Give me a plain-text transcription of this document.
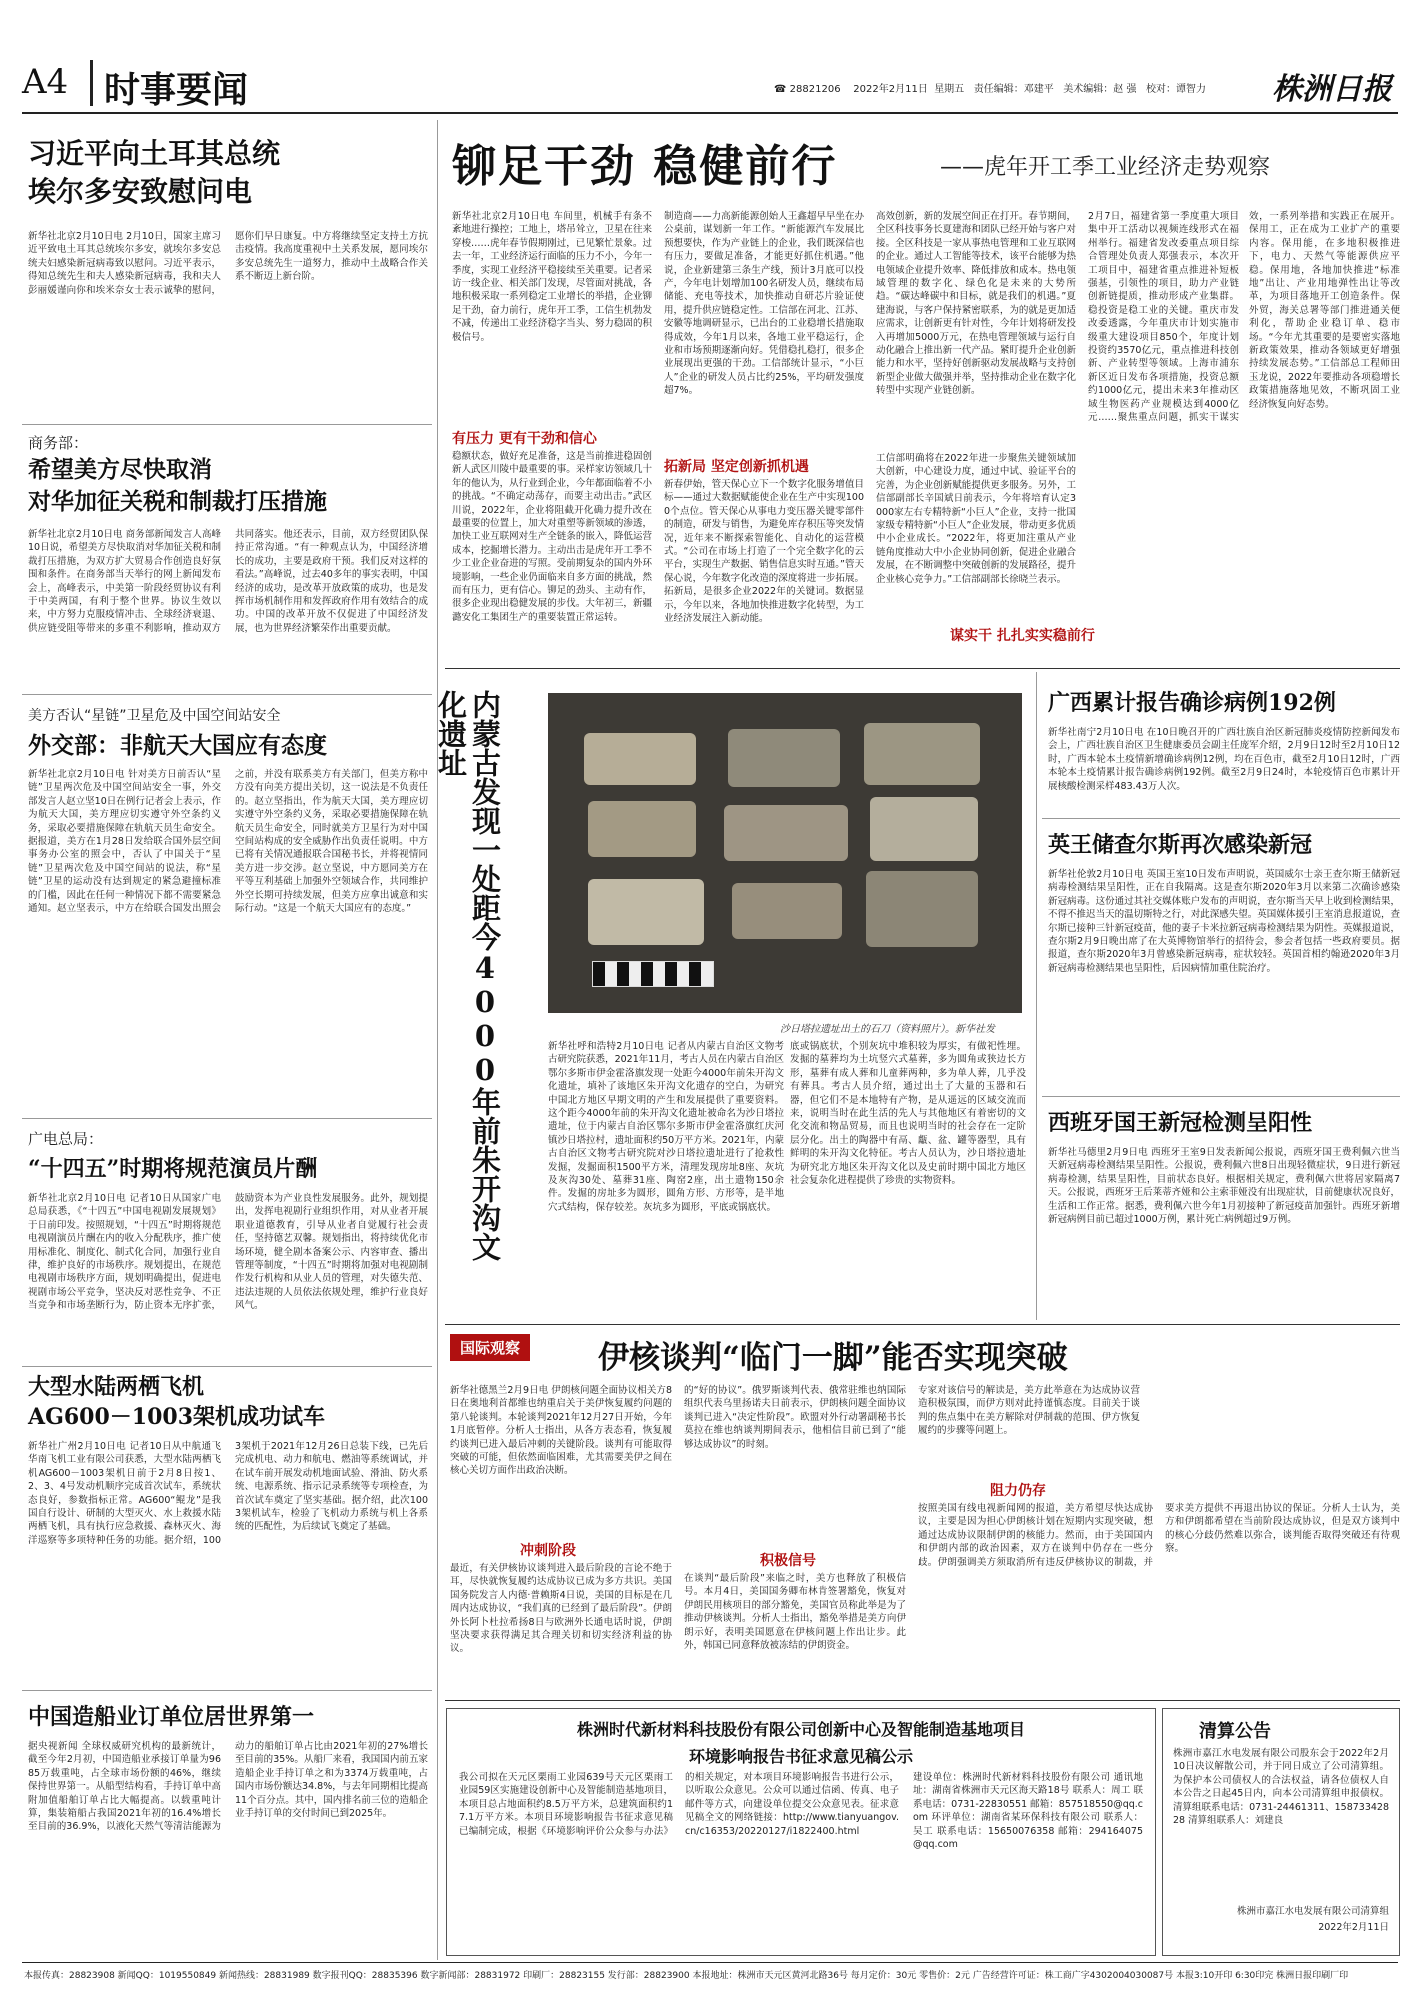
A4 时事要闻	☎ 28821206 2022年2月11日 星期五 责任编辑：邓建平 美术编辑：赵 强 校对：谭智力 株洲日报
习近平向土耳其总统
埃尔多安致慰问电
新华社北京2月10日电 2月10日，国家主席习近平致电土耳其总统埃尔多安，就埃尔多安总统夫妇感染新冠病毒致以慰问。习近平表示，得知总统先生和夫人感染新冠病毒，我和夫人彭丽媛谨向你和埃米奈女士表示诚挚的慰问，愿你们早日康复。中方将继续坚定支持土方抗击疫情。我高度重视中土关系发展，愿同埃尔多安总统先生一道努力，推动中土战略合作关系不断迈上新台阶。
商务部：
希望美方尽快取消
对华加征关税和制裁打压措施
新华社北京2月10日电 商务部新闻发言人高峰10日说，希望美方尽快取消对华加征关税和制裁打压措施，为双方扩大贸易合作创造良好氛围和条件。在商务部当天举行的网上新闻发布会上，高峰表示，中美第一阶段经贸协议有利于中美两国，有利于整个世界。协议生效以来，中方努力克服疫情冲击、全球经济衰退、供应链受阻等带来的多重不利影响，推动双方共同落实。他还表示，目前，双方经贸团队保持正常沟通。“有一种观点认为，中国经济增长的成功，主要是政府干预。我们反对这样的看法。”高峰说，过去40多年的事实表明，中国经济的成功，是改革开放政策的成功，也是发挥市场机制作用和发挥政府作用有效结合的成功。中国的改革开放不仅促进了中国经济发展，也为世界经济繁荣作出重要贡献。
美方否认“星链”卫星危及中国空间站安全
外交部：非航天大国应有态度
新华社北京2月10日电 针对美方日前否认“星链”卫星两次危及中国空间站安全一事，外交部发言人赵立坚10日在例行记者会上表示，作为航天大国，美方理应切实遵守外空条约义务，采取必要措施保障在轨航天员生命安全。据报道，美方在1月28日发给联合国外层空间事务办公室的照会中，否认了中国关于“星链”卫星两次危及中国空间站的说法，称“星链”卫星的运动没有达到规定的紧急避撞标准的门槛，因此在任何一种情况下都不需要紧急通知。赵立坚表示，中方在给联合国发出照会之前，并没有联系美方有关部门，但美方称中方没有向美方提出关切，这一说法是不负责任的。赵立坚指出，作为航天大国，美方理应切实遵守外空条约义务，采取必要措施保障在轨航天员生命安全，同时就美方卫星行为对中国空间站构成的安全威胁作出负责任说明。中方已将有关情况通报联合国秘书长，并将视情同美方进一步交涉。赵立坚说，中方愿同美方在平等互利基础上加强外空领域合作，共同维护外空长期可持续发展，但美方应拿出诚意和实际行动。“这是一个航天大国应有的态度。”
广电总局：
“十四五”时期将规范演员片酬
新华社北京2月10日电 记者10日从国家广电总局获悉，《“十四五”中国电视剧发展规划》于日前印发。按照规划，“十四五”时期将规范电视剧演员片酬在内的收入分配秩序，推广使用标准化、制度化、制式化合同，加强行业自律，维护良好的市场秩序。规划提出，在规范电视剧市场秩序方面，规划明确提出，促进电视剧市场公平竞争，坚决反对恶性竞争、不正当竞争和市场垄断行为，防止资本无序扩张，鼓励资本为产业良性发展服务。此外，规划提出，发挥电视剧行业组织作用，对从业者开展职业道德教育，引导从业者自觉履行社会责任，坚持德艺双馨。规划指出，将持续优化市场环境，健全剧本备案公示、内容审查、播出管理等制度，“十四五”时期将加强对电视剧制作发行机构和从业人员的管理，对失德失范、违法违规的人员依法依规处理，维护行业良好风气。
大型水陆两栖飞机
AG600－1003架机成功试车
新华社广州2月10日电 记者10日从中航通飞华南飞机工业有限公司获悉，大型水陆两栖飞机AG600－1003架机日前于2月8日按1、2、3、4号发动机顺序完成首次试车，系统状态良好，参数指标正常。AG600“鲲龙”是我国自行设计、研制的大型灭火、水上救援水陆两栖飞机，具有执行应急救援、森林灭火、海洋巡察等多项特种任务的功能。据介绍，1003架机于2021年12月26日总装下线，已先后完成机电、动力和航电、燃油等系统调试，并在试车前开展发动机地面试验、滑油、防火系统、电源系统、指示记录系统等专项检查，为首次试车奠定了坚实基础。据介绍，此次1003架机试车，检验了飞机动力系统与机上各系统的匹配性，为后续试飞奠定了基础。
中国造船业订单位居世界第一
据央视新闻 全球权威研究机构的最新统计，截至今年2月初，中国造船业承接订单量为9685万载重吨，占全球市场份额的46%，继续保持世界第一。从船型结构看，手持订单中高附加值船舶订单占比大幅提高。以载重吨计算，集装箱船占我国2021年初的16.4%增长至目前的36.9%，以液化天然气等清洁能源为动力的船舶订单占比由2021年初的27%增长至目前的35%。从船厂来看，我国国内前五家造船企业手持订单之和为3374万载重吨，占国内市场份额达34.8%，与去年同期相比提高11个百分点。其中，国内排名前三位的造船企业手持订单的交付时间已到2025年。
铆足干劲 稳健前行	——虎年开工季工业经济走势观察
新华社北京2月10日电 车间里，机械手有条不紊地进行操控；工地上，塔吊耸立，卫星在往来穿梭……虎年春节假期刚过，已见繁忙景象。过去一年，工业经济运行面临的压力不小，今年一季度，实现工业经济平稳接续至关重要。记者采访一线企业、相关部门发现，尽管面对挑战，各地积极采取一系列稳定工业增长的举措，企业铆足干劲，奋力前行，虎年开工季，工信生机勃发不减，传递出工业经济稳字当头、努力稳固的积极信号。
有压力 更有干劲和信心
稳额状态，做好充足准备，这是当前推进稳固创新人武区川陵中最重要的事。采样家访领域几十年的他认为，从行业到企业，今年都面临着不小的挑战。“不确定动荡存，而要主动出击。”武区川说，2022年，企业将阻截开化确力提升改在最重要的位置上，加大对重塑等新领域的渗透，加快工业互联网对生产全链条的嵌入，降低运营成本，挖掘增长潜力。主动出击是虎年开工季不少工业企业奋进的写照。受前期复杂的国内外环境影响，一些企业仍面临来自多方面的挑战，然而有压力，更有信心。铆足的劲头、主动有作，很多企业现出稳健发展的步伐。大年初三，新疆潞安化工集团生产的重要装置正常运转。
制造商——力高新能源创始人王鑫超早早坐在办公桌前，谋划新一年工作。“新能源汽车发展比预想要快，作为产业链上的企业，我们既深信也有压力，要做足准备，才能更好抓住机遇。”他说，企业新建第三条生产线，预计3月底可以投产，今年电计划增加100名研发人员，继续布局储能、充电等技术，加快推动自研芯片验证使用，提升供应链稳定性。工信部在河北、江苏、安徽等地调研显示，已出台的工业稳增长措施取得成效，今年1月以来，各地工业平稳运行，企业和市场预期逐渐向好。凭借稳扎稳打，很多企业展现出更强的干劲。工信部统计显示，“小巨人”企业的研发人员占比约25%，平均研发强度超7%。
拓新局 坚定创新抓机遇
新春伊始，管天保心立下一个数字化服务增值目标——通过大数据赋能使企业在生产中实现1000个点位。管天保心从事电力变压器关键零部件的制造，研发与销售，为避免库存积压等突发情况，近年来不断探索智能化、自动化的运营模式。“公司在市场上打造了一个完全数字化的云平台，实现生产数据、销售信息实时互通。”管天保心说，今年数字化改造的深度将进一步拓展。拓新局，是很多企业2022年的关键词。数据显示，今年以来，各地加快推进数字化转型，为工业经济发展注入新动能。
高效创新，新的发展空间正在打开。春节期间，全区科技事务长夏建海和团队已经开始与客户对接。全区科技是一家从事热电管理和工业互联网的企业。通过人工智能等技术，该平台能够为热电领域企业提升效率、降低排放和成本。热电领域管理的数字化、绿色化是未来的大势所趋。“碳达峰碳中和目标，就是我们的机遇。”夏建海说，与客户保持紧密联系，为的就是更加适应需求，让创新更有针对性，今年计划将研发投入再增加5000万元，在热电管理领域与运行自动化融合上推出新一代产品。紧盯提升企业创新能力和水平，坚持好创新驱动发展战略与支持创新型企业做大做强并举，坚持推动企业在数字化转型中实现产业链创新。
工信部明确将在2022年进一步聚焦关键领域加大创新，中心建设力度，通过中试、验证平台的完善，为企业创新赋能提供更多服务。另外，工信部副部长辛国斌日前表示，今年将培育认定3000家左右专精特新“小巨人”企业，支持一批国家级专精特新“小巨人”企业发展，带动更多优质中小企业成长。“2022年，将更加注重从产业链角度推动大中小企业协同创新，促进企业融合发展，在不断调整中突破创新的发展路径，提升企业核心竞争力。”工信部副部长徐晓兰表示。
谋实干 扎扎实实稳前行
2月7日，福建省第一季度重大项目集中开工活动以视频连线形式在福州举行。福建省发改委重点项目综合管理处负责人郑强表示，本次开工项目中，福建省重点推进补短板强基，引领性的项目，助力产业链创新链提质，推动形成产业集群。稳投资是稳工业的关键。重庆市发改委透露，今年重庆市计划实施市级重大建设项目850个，年度计划投资约3570亿元，重点推进科技创新、产业转型等领域。上海市浦东新区近日发布各项措施，投资总额约1000亿元，提出未来3年推动区域生物医药产业规模达到4000亿元……聚焦重点问题，抓实干谋实效，一系列举措和实践正在展开。保用工，正在成为工业扩产的重要内容。保用能，在多地积极推进下，电力、天然气等能源供应平稳。保用地，各地加快推进“标准地”出让、产业用地弹性出让等改革，为项目落地开工创造条件。保外贸，海关总署等部门推进通关便利化，帮助企业稳订单、稳市场。“今年尤其重要的是要密实落地新政策效果，推动各领域更好增强持续发展态势。”工信部总工程师田玉龙说，2022年要推动各项稳增长政策措施落地见效，不断巩固工业经济恢复向好态势。
内蒙古发现一处距今4000年前朱开沟文化遗址
沙日塔拉遗址出土的石刀（资料照片）。新华社发
新华社呼和浩特2月10日电 记者从内蒙古自治区文物考古研究院获悉，2021年11月，考古人员在内蒙古自治区鄂尔多斯市伊金霍洛旗发现一处距今4000年前朱开沟文化遗址，填补了该地区朱开沟文化遗存的空白，为研究中国北方地区早期文明的产生和发展提供了重要资料。这个距今4000年前的朱开沟文化遗址被命名为沙日塔拉遗址，位于内蒙古自治区鄂尔多斯市伊金霍洛旗红庆河镇沙日塔拉村，遗址面积约50万平方米。2021年，内蒙古自治区文物考古研究院对沙日塔拉遗址进行了抢救性发掘，发掘面积1500平方米，清理发现房址8座、灰坑及灰沟30处、墓葬31座、陶窑2座，出土遗物150余件。发掘的房址多为圆形，圆角方形、方形等，是半地穴式结构，保存较差。灰坑多为圆形，平底或锅底状。
底或锅底状，个别灰坑中堆积较为厚实，有做祀性埋。发掘的墓葬均为土坑竖穴式墓葬，多为圆角或狭边长方形，墓葬有成人葬和儿童葬两种，多为单人葬，几乎没有葬具。考古人员介绍，通过出土了大量的玉器和石器，但它们不是本地特有产物，是从遥远的区域交流而来，说明当时在此生活的先人与其他地区有着密切的文化交流和物品贸易，而且也说明当时的社会存在一定阶层分化。出土的陶器中有鬲、甗、盆、罐等器型，具有鲜明的朱开沟文化特征。考古人员认为，沙日塔拉遗址为研究北方地区朱开沟文化以及史前时期中国北方地区社会复杂化进程提供了珍贵的实物资料。
广西累计报告确诊病例192例
新华社南宁2月10日电 在10日晚召开的广西壮族自治区新冠肺炎疫情防控新闻发布会上，广西壮族自治区卫生健康委员会副主任庞军介绍，2月9日12时至2月10日12时，广西本轮本土疫情新增确诊病例12例，均在百色市，截至2月10日12时，广西本轮本土疫情累计报告确诊病例192例。截至2月9日24时，本轮疫情百色市累计开展核酸检测采样483.43万人次。
英王储查尔斯再次感染新冠
新华社伦敦2月10日电 英国王室10日发布声明说，英国威尔士亲王查尔斯王储新冠病毒检测结果呈阳性，正在自我隔离。这是查尔斯2020年3月以来第二次确诊感染新冠病毒。这份通过其社交媒体账户发布的声明说，查尔斯当天早上收到检测结果，不得不推迟当天的温切斯特之行，对此深感失望。英国媒体援引王室消息报道说，查尔斯已接种三针新冠疫苗，他的妻子卡米拉新冠病毒检测结果为阴性。英媒报道说，查尔斯2月9日晚出席了在大英博物馆举行的招待会，参会者包括一些政府要员。据报道，查尔斯2020年3月曾感染新冠病毒，症状较轻。英国首相约翰逊2020年3月新冠病毒检测结果也呈阳性，后因病情加重住院治疗。
西班牙国王新冠检测呈阳性
新华社马德里2月9日电 西班牙王室9日发表新闻公报说，西班牙国王费利佩六世当天新冠病毒检测结果呈阳性。公报说，费利佩六世8日出现轻微症状，9日进行新冠病毒检测，结果呈阳性，目前状态良好。根据相关规定，费利佩六世将居家隔离7天。公报说，西班牙王后莱蒂齐娅和公主索菲娅没有出现症状，目前健康状况良好，生活和工作正常。据悉，费利佩六世今年1月初接种了新冠疫苗加强针。西班牙新增新冠病例目前已超过1000万例，累计死亡病例超过9万例。
国际观察	伊核谈判“临门一脚”能否实现突破
新华社德黑兰2月9日电 伊朗核问题全面协议相关方8日在奥地利首都维也纳重启关于美伊恢复履约问题的第八轮谈判。本轮谈判2021年12月27日开始，今年1月底暂停。分析人士指出，从各方表态看，恢复履约谈判已进入最后冲刺的关键阶段。谈判有可能取得突破的可能，但依然面临困难，尤其需要美伊之间在核心关切方面作出政治决断。
冲刺阶段
最近，有关伊核协议谈判进入最后阶段的言论不绝于耳，尽快就恢复履约达成协议已成为多方共识。美国国务院发言人内德·普赖斯4日说，美国的目标是在几周内达成协议，“我们真的已经到了最后阶段”。伊朗外长阿卜杜拉希扬8日与欧洲外长通电话时说，伊朗坚决要求获得满足其合理关切和切实经济利益的协议。
的“好的协议”。俄罗斯谈判代表、俄常驻维也纳国际组织代表乌里扬诺夫日前表示，伊朗核问题全面协议谈判已进入“决定性阶段”。欧盟对外行动署副秘书长莫拉在维也纳谈判期间表示，他相信目前已到了“能够达成协议”的时刻。
积极信号
在谈判“最后阶段”来临之时，美方也释放了积极信号。本月4日，美国国务卿布林肯签署豁免，恢复对伊朗民用核项目的部分豁免，美国官员称此举是为了推动伊核谈判。分析人士指出，豁免举措是美方向伊朗示好，表明美国愿意在伊核问题上作出让步。此外，韩国已同意释放被冻结的伊朗资金。
专家对该信号的解读是，美方此举意在为达成协议营造积极氛围，而伊方则对此持谨慎态度。目前关于谈判的焦点集中在美方解除对伊制裁的范围、伊方恢复履约的步骤等问题上。
阻力仍存
按照美国有线电视新闻网的报道，美方希望尽快达成协议，主要是因为担心伊朗核计划在短期内实现突破，想通过达成协议限制伊朗的核能力。然而，由于美国国内和伊朗内部的政治因素，双方在谈判中仍存在一些分歧。伊朗强调美方须取消所有违反伊核协议的制裁，并要求美方提供不再退出协议的保证。分析人士认为，美方和伊朗都希望在当前阶段达成协议，但是双方谈判中的核心分歧仍然难以弥合，谈判能否取得突破还有待观察。
株洲时代新材料科技股份有限公司创新中心及智能制造基地项目
环境影响报告书征求意见稿公示
我公司拟在天元区栗雨工业园639号天元区栗雨工业园59区实施建设创新中心及智能制造基地项目，本项目总占地面积约8.5万平方米，总建筑面积约17.1万平方米。本项目环境影响报告书征求意见稿已编制完成，根据《环境影响评价公众参与办法》的相关规定，对本项目环境影响报告书进行公示，以听取公众意见。公众可以通过信函、传真、电子邮件等方式，向建设单位提交公众意见表。征求意见稿全文的网络链接：http://www.tianyuangov.cn/c16353/20220127/i1822400.html
建设单位：株洲时代新材料科技股份有限公司 通讯地址：湖南省株洲市天元区海天路18号 联系人：周工 联系电话：0731-22830551 邮箱：857518550@qq.com 环评单位：湖南省某环保科技有限公司 联系人：吴工 联系电话：15650076358 邮箱：294164075@qq.com
清算公告
株洲市嘉江水电发展有限公司股东会于2022年2月10日决议解散公司，并于同日成立了公司清算组。为保护本公司债权人的合法权益，请各位债权人自本公告之日起45日内，向本公司清算组申报债权。清算组联系电话：0731-24461311、15873342828 清算组联系人：刘建良
株洲市嘉江水电发展有限公司清算组
2022年2月11日
本报传真：28823908 新闻QQ：1019550849 新闻热线：28831989 数字报刊QQ：28835396 数字新闻部：28831972 印刷厂：28823155 发行部：28823900 本报地址：株洲市天元区黄河北路36号 每月定价：30元 零售价：2元 广告经营许可证：株工商广字4302004030087号 本报3:10开印 6:30印完 株洲日报印刷厂印
